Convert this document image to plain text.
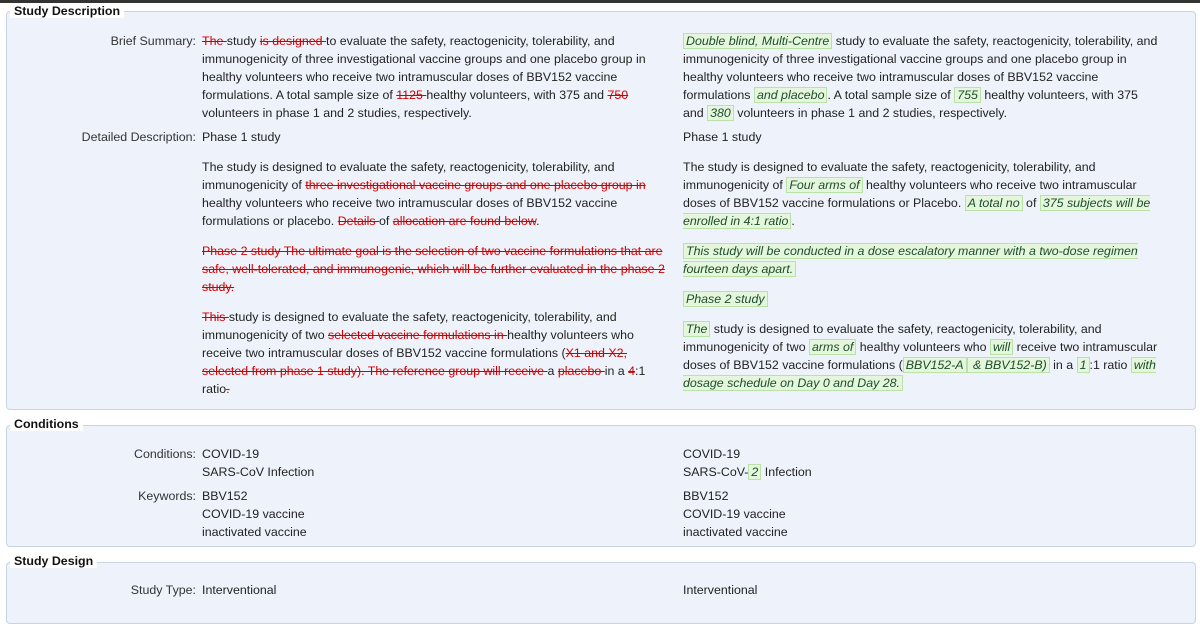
Study Description
Brief Summary: The study is designed to evaluate the safety, reactogenicity, tolerability, and immunogenicity of three investigational vaccine groups and one placebo group in healthy volunteers who receive two intramuscular doses of BBV152 vaccine formulations. A total sample size of 1125 healthy volunteers, with 375 and 750 volunteers in phase 1 and 2 studies, respectively.

Double blind, Multi-Centre study to evaluate the safety, reactogenicity, tolerability, and immunogenicity of three investigational vaccine groups and one placebo group in healthy volunteers who receive two intramuscular doses of BBV152 vaccine formulations and placebo . A total sample size of 755 healthy volunteers, with 375 and 380 volunteers in phase 1 and 2 studies, respectively.

Detailed Description: Phase 1 study

The study is designed to evaluate the safety, reactogenicity, tolerability, and immunogenicity of three investigational vaccine groups and one placebo group in healthy volunteers who receive two intramuscular doses of BBV152 vaccine formulations or placebo. Details of allocation are found below.

Phase 2 study The ultimate goal is the selection of two vaccine formulations that are safe, well-tolerated, and immunogenic, which will be further evaluated in the phase 2 study.

This study is designed to evaluate the safety, reactogenicity, tolerability, and immunogenicity of two selected vaccine formulations in healthy volunteers who receive two intramuscular doses of BBV152 vaccine formulations (X1 and X2, selected from phase 1 study). The reference group will receive a placebo in a 4:1 ratio.

Phase 1 study

The study is designed to evaluate the safety, reactogenicity, tolerability, and immunogenicity of Four arms of healthy volunteers who receive two intramuscular doses of BBV152 vaccine formulations or Placebo. A total no of 375 subjects will be enrolled in 4:1 ratio .

This study will be conducted in a dose escalatory manner with a two-dose regimen fourteen days apart.

Phase 2 study

The study is designed to evaluate the safety, reactogenicity, tolerability, and immunogenicity of two arms of healthy volunteers who will receive two intramuscular doses of BBV152 vaccine formulations ( BBV152-A & BBV152-B) in a 1 :1 ratio with dosage schedule on Day 0 and Day 28.

Conditions
Conditions: COVID-19
SARS-CoV Infection
COVID-19
SARS-CoV- 2 Infection
Keywords: BBV152
COVID-19 vaccine
inactivated vaccine
BBV152
COVID-19 vaccine
inactivated vaccine
Study Design
Study Type: Interventional	Interventional
